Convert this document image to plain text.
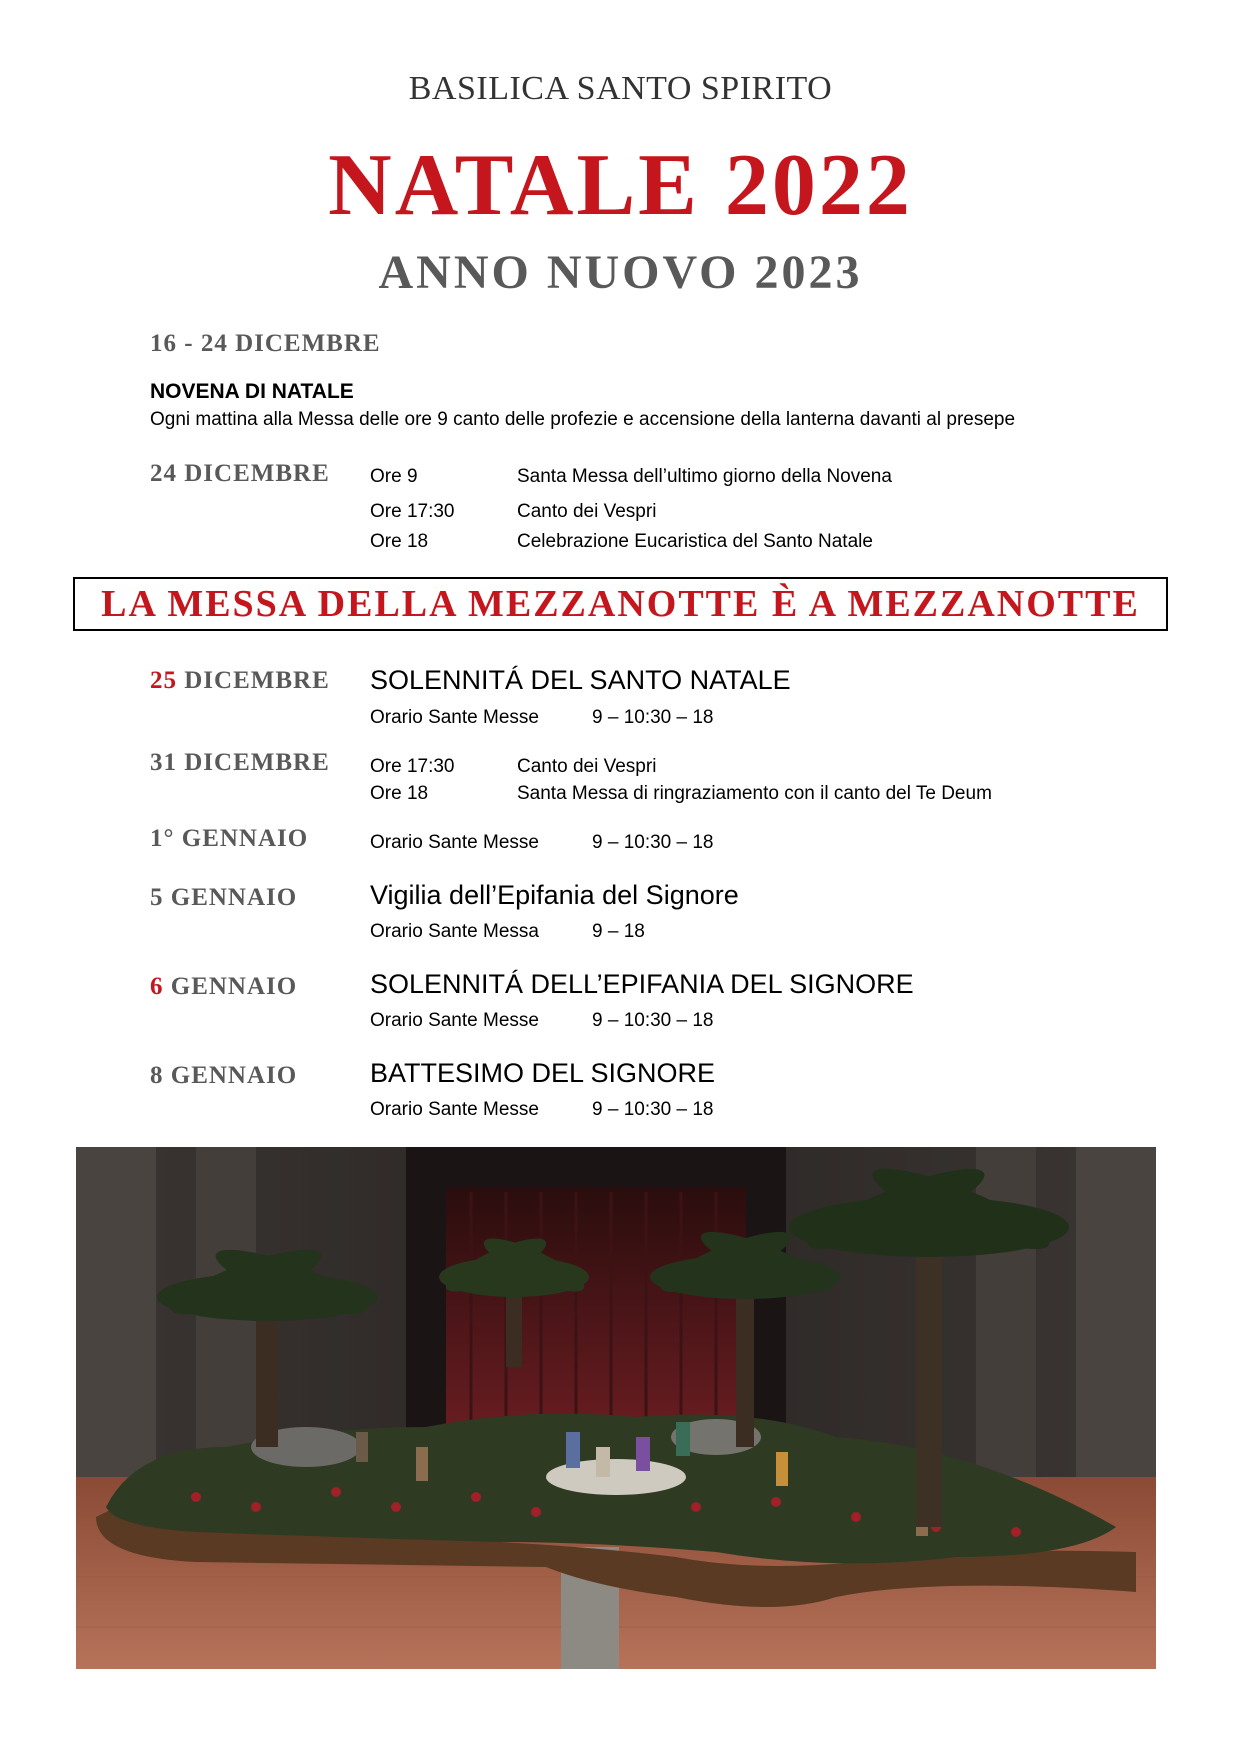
BASILICA SANTO SPIRITO
NATALE 2022
ANNO NUOVO 2023
16 - 24 DICEMBRE
NOVENA DI NATALE
Ogni mattina alla Messa delle ore 9 canto delle profezie e accensione della lanterna davanti al presepe
24 DICEMBRE Ore 9	Santa Messa dell’ultimo giorno della Novena
Ore 17:30	Canto dei Vespri
Ore 18	Celebrazione Eucaristica del Santo Natale
LA MESSA DELLA MEZZANOTTE È A MEZZANOTTE
25 DICEMBRE SOLENNITÁ DEL SANTO NATALE
Orario Sante Messe	9 – 10:30 – 18
31 DICEMBRE Ore 17:30	Canto dei Vespri
Ore 18	Santa Messa di ringraziamento con il canto del Te Deum
1° GENNAIO	Orario Sante Messe	9 – 10:30 – 18
5 GENNAIO	Vigilia dell’Epifania del Signore
Orario Sante Messa	9 – 18
6 GENNAIO	SOLENNITÁ DELL’EPIFANIA DEL SIGNORE
Orario Sante Messe	9 – 10:30 – 18
8 GENNAIO	BATTESIMO DEL SIGNORE
Orario Sante Messe	9 – 10:30 – 18
